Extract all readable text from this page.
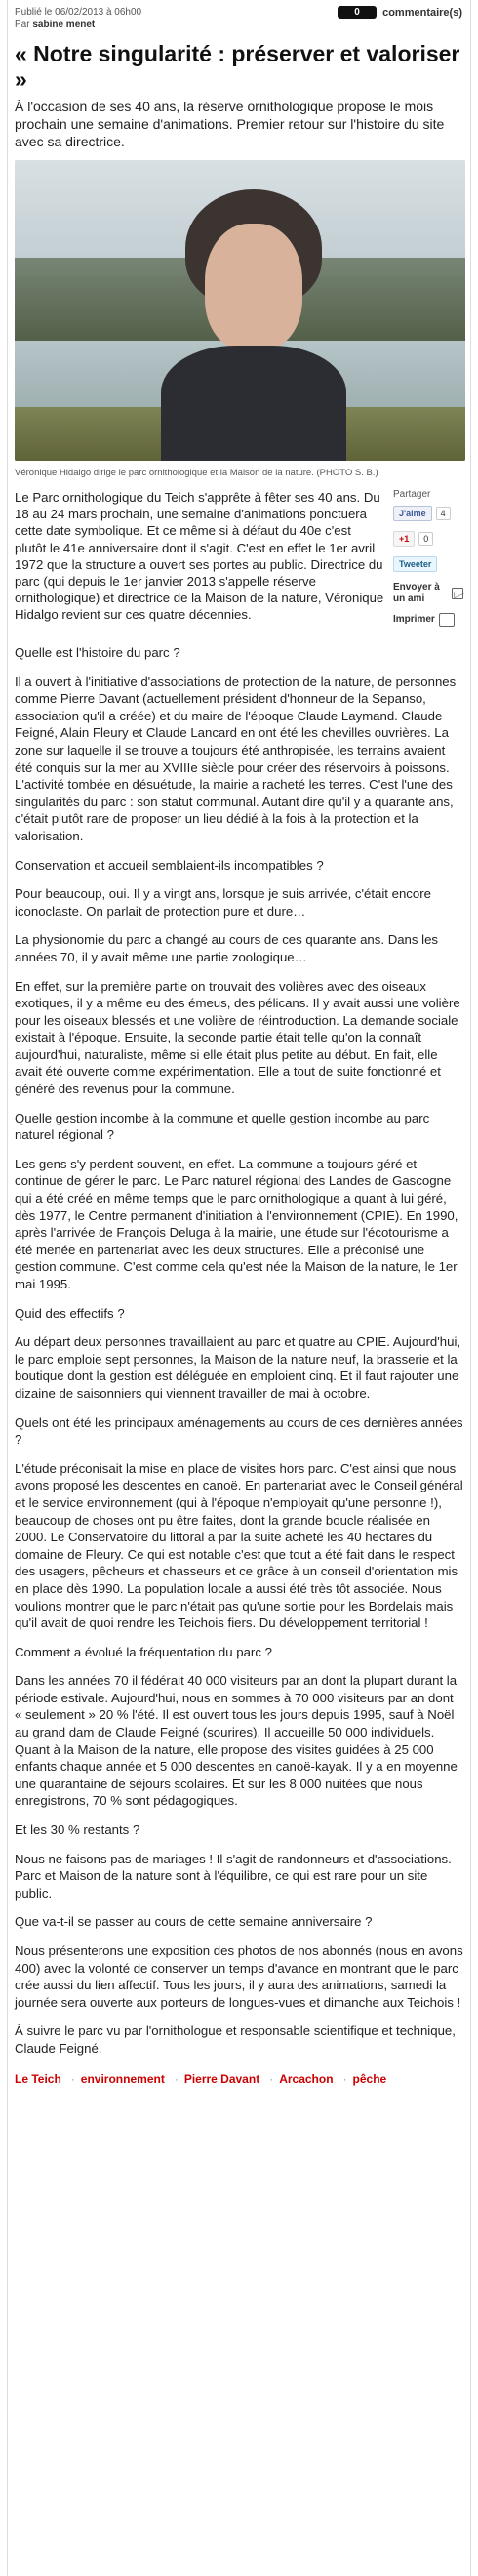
Publié le 06/02/2013 à 06h00
Par sabine menet
0	commentaire(s)
« Notre singularité : préserver et valoriser »
À l'occasion de ses 40 ans, la réserve ornithologique propose le mois prochain une semaine d'animations. Premier retour sur l'histoire du site avec sa directrice.
Véronique Hidalgo dirige le parc ornithologique et la Maison de la nature. (PHOTO S. B.)
Le Parc ornithologique du Teich s'apprête à fêter ses 40 ans. Du 18 au 24 mars prochain, une semaine d'animations ponctuera cette date symbolique. Et ce même si à défaut du 40e c'est plutôt le 41e anniversaire dont il s'agit. C'est en effet le 1er avril 1972 que la structure a ouvert ses portes au public. Directrice du parc (qui depuis le 1er janvier 2013 s'appelle réserve ornithologique) et directrice de la Maison de la nature, Véronique Hidalgo revient sur ces quatre décennies.
Partager
J'aime	4
+1	0
Tweeter
Envoyer à un ami
Imprimer

Quelle est l'histoire du parc ?

Il a ouvert à l'initiative d'associations de protection de la nature, de personnes comme Pierre Davant (actuellement président d'honneur de la Sepanso, association qu'il a créée) et du maire de l'époque Claude Laymand. Claude Feigné, Alain Fleury et Claude Lancard en ont été les chevilles ouvrières. La zone sur laquelle il se trouve a toujours été anthropisée, les terrains avaient été conquis sur la mer au XVIIIe siècle pour créer des réservoirs à poissons. L'activité tombée en désuétude, la mairie a racheté les terres. C'est l'une des singularités du parc : son statut communal. Autant dire qu'il y a quarante ans, c'était plutôt rare de proposer un lieu dédié à la fois à la protection et la valorisation.

Conservation et accueil semblaient-ils incompatibles ?

Pour beaucoup, oui. Il y a vingt ans, lorsque je suis arrivée, c'était encore iconoclaste. On parlait de protection pure et dure…

La physionomie du parc a changé au cours de ces quarante ans. Dans les années 70, il y avait même une partie zoologique…

En effet, sur la première partie on trouvait des volières avec des oiseaux exotiques, il y a même eu des émeus, des pélicans. Il y avait aussi une volière pour les oiseaux blessés et une volière de réintroduction. La demande sociale existait à l'époque. Ensuite, la seconde partie était telle qu'on la connaît aujourd'hui, naturaliste, même si elle était plus petite au début. En fait, elle avait été ouverte comme expérimentation. Elle a tout de suite fonctionné et généré des revenus pour la commune.

Quelle gestion incombe à la commune et quelle gestion incombe au parc naturel régional ?

Les gens s'y perdent souvent, en effet. La commune a toujours géré et continue de gérer le parc. Le Parc naturel régional des Landes de Gascogne qui a été créé en même temps que le parc ornithologique a quant à lui géré, dès 1977, le Centre permanent d'initiation à l'environnement (CPIE). En 1990, après l'arrivée de François Deluga à la mairie, une étude sur l'écotourisme a été menée en partenariat avec les deux structures. Elle a préconisé une gestion commune. C'est comme cela qu'est née la Maison de la nature, le 1er mai 1995.

Quid des effectifs ?

Au départ deux personnes travaillaient au parc et quatre au CPIE. Aujourd'hui, le parc emploie sept personnes, la Maison de la nature neuf, la brasserie et la boutique dont la gestion est déléguée en emploient cinq. Et il faut rajouter une dizaine de saisonniers qui viennent travailler de mai à octobre.

Quels ont été les principaux aménagements au cours de ces dernières années ?

L'étude préconisait la mise en place de visites hors parc. C'est ainsi que nous avons proposé les descentes en canoë. En partenariat avec le Conseil général et le service environnement (qui à l'époque n'employait qu'une personne !), beaucoup de choses ont pu être faites, dont la grande boucle réalisée en 2000. Le Conservatoire du littoral a par la suite acheté les 40 hectares du domaine de Fleury. Ce qui est notable c'est que tout a été fait dans le respect des usagers, pêcheurs et chasseurs et ce grâce à un conseil d'orientation mis en place dès 1990. La population locale a aussi été très tôt associée. Nous voulions montrer que le parc n'était pas qu'une sortie pour les Bordelais mais qu'il avait de quoi rendre les Teichois fiers. Du développement territorial !

Comment a évolué la fréquentation du parc ?

Dans les années 70 il fédérait 40 000 visiteurs par an dont la plupart durant la période estivale. Aujourd'hui, nous en sommes à 70 000 visiteurs par an dont « seulement » 20 % l'été. Il est ouvert tous les jours depuis 1995, sauf à Noël au grand dam de Claude Feigné (sourires). Il accueille 50 000 individuels. Quant à la Maison de la nature, elle propose des visites guidées à 25 000 enfants chaque année et 5 000 descentes en canoë-kayak. Il y a en moyenne une quarantaine de séjours scolaires. Et sur les 8 000 nuitées que nous enregistrons, 70 % sont pédagogiques.

Et les 30 % restants ?

Nous ne faisons pas de mariages ! Il s'agit de randonneurs et d'associations. Parc et Maison de la nature sont à l'équilibre, ce qui est rare pour un site public.

Que va-t-il se passer au cours de cette semaine anniversaire ?

Nous présenterons une exposition des photos de nos abonnés (nous en avons 400) avec la volonté de conserver un temps d'avance en montrant que le parc crée aussi du lien affectif. Tous les jours, il y aura des animations, samedi la journée sera ouverte aux porteurs de longues-vues et dimanche aux Teichois !

À suivre le parc vu par l'ornithologue et responsable scientifique et technique, Claude Feigné.

Le Teich · environnement · Pierre Davant · Arcachon · pêche
